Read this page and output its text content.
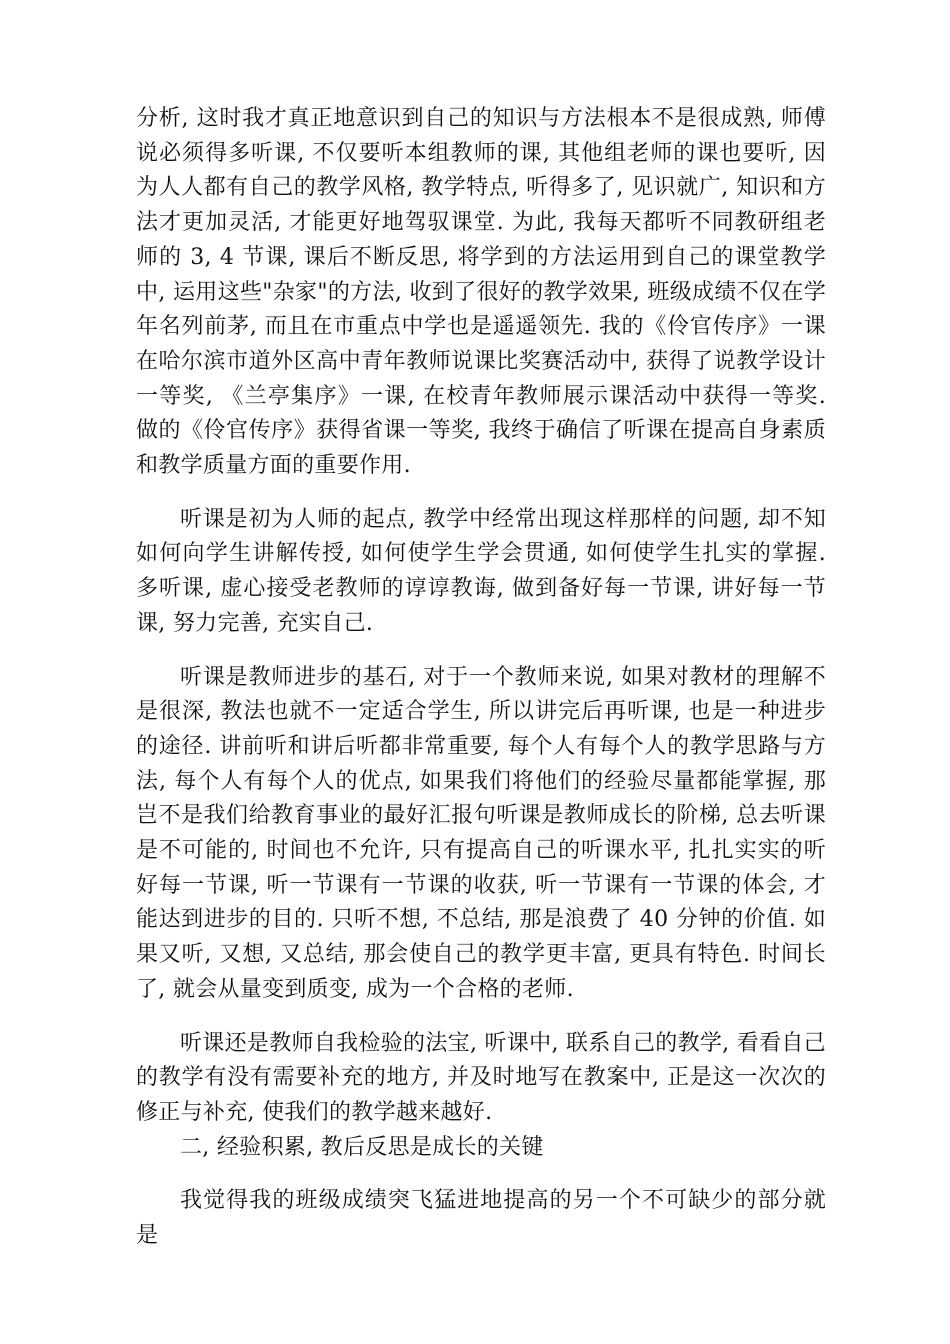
分析, 这时我才真正地意识到自己的知识与方法根本不是很成熟, 师傅说必须得多听课, 不仅要听本组教师的课, 其他组老师的课也要听, 因为人人都有自己的教学风格, 教学特点, 听得多了, 见识就广, 知识和方法才更加灵活, 才能更好地驾驭课堂. 为此, 我每天都听不同教研组老师的 3, 4 节课, 课后不断反思, 将学到的方法运用到自己的课堂教学中, 运用这些"杂家"的方法, 收到了很好的教学效果, 班级成绩不仅在学年名列前茅, 而且在市重点中学也是遥遥领先. 我的《伶官传序》一课在哈尔滨市道外区高中青年教师说课比奖赛活动中, 获得了说教学设计一等奖, 《兰亭集序》一课, 在校青年教师展示课活动中获得一等奖. 做的《伶官传序》获得省课一等奖, 我终于确信了听课在提高自身素质和教学质量方面的重要作用.

听课是初为人师的起点, 教学中经常出现这样那样的问题, 却不知如何向学生讲解传授, 如何使学生学会贯通, 如何使学生扎实的掌握. 多听课, 虚心接受老教师的谆谆教诲, 做到备好每一节课, 讲好每一节课, 努力完善, 充实自己.

听课是教师进步的基石, 对于一个教师来说, 如果对教材的理解不是很深, 教法也就不一定适合学生, 所以讲完后再听课, 也是一种进步的途径. 讲前听和讲后听都非常重要, 每个人有每个人的教学思路与方法, 每个人有每个人的优点, 如果我们将他们的经验尽量都能掌握, 那岂不是我们给教育事业的最好汇报句听课是教师成长的阶梯, 总去听课是不可能的, 时间也不允许, 只有提高自己的听课水平, 扎扎实实的听好每一节课, 听一节课有一节课的收获, 听一节课有一节课的体会, 才能达到进步的目的. 只听不想, 不总结, 那是浪费了 40 分钟的价值. 如果又听, 又想, 又总结, 那会使自己的教学更丰富, 更具有特色. 时间长了, 就会从量变到质变, 成为一个合格的老师.

听课还是教师自我检验的法宝, 听课中, 联系自己的教学, 看看自己的教学有没有需要补充的地方, 并及时地写在教案中, 正是这一次次的修正与补充, 使我们的教学越来越好.

二, 经验积累, 教后反思是成长的关键

我觉得我的班级成绩突飞猛进地提高的另一个不可缺少的部分就是
